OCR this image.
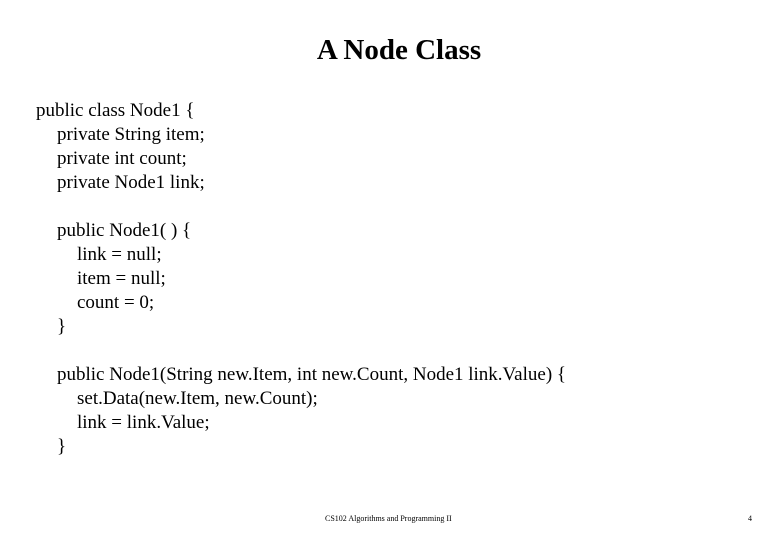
A Node Class
public class Node1 {
private String item;
private int count;
private Node1 link;
public Node1( ) {
link = null;
item = null;
count = 0;
}
public Node1(String new.Item, int new.Count, Node1 link.Value) {
set.Data(new.Item, new.Count);
link = link.Value;
}
CS102 Algorithms and Programming II	4
